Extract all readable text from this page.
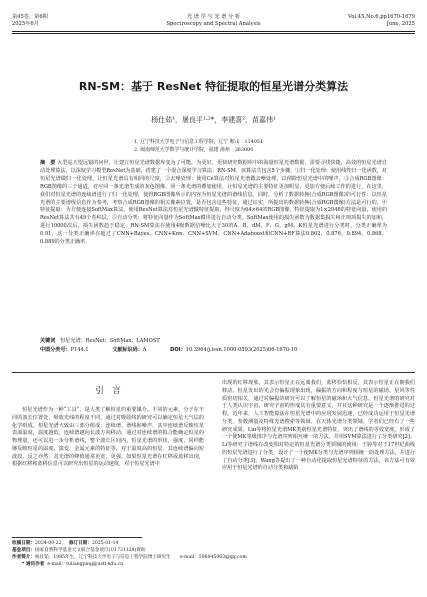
第45卷，第6期
2025年6月
光 谱 学 与 光 谱 分 析
Spectroscopy and Spectral Analysis
Vol.45,No.6,pp1670-1679
June, 2025
RN-SM：基于 ResNet 特征提取的恒星光谱分类算法
杨仕茹¹，屠良平¹·²*，李建喜²，苗嘉伟¹
1. 辽宁科技大学电子与信息工程学院，辽宁 鞍山　114051
2. 闽南师范大学数学与统计学院，福建 漳州　363000
摘　要 大型巡天望远镜的问世，让建立恒星光谱数据库变为了可能。为更好、更快研究数据库中的海量恒星光谱数据，需要寻找快捷、高效的恒星光谱自动处理算法，以深度学习模型ResNet为基础，搭建了一个混合深度学习算法：RN-SM，该算法共包含5个步骤，①归一化处理：使用线性归一化函数，对恒星光谱做归一化处理，让恒星光谱具有相同的尺度，②去噪处理：使用Ce算法对恒星光谱做去噪处理，以削除恒星光谱中的噪声，③合成RGB图像：RGB图像的三个通道，对应同一条光谱生成的灰色图像，同一条光谱的叠加使用，让恒星光谱的主要特征更加明显，更加方便后续工作的进行，在这里，我们对恒星光谱的连续谱进行了归一化处理，使得RGB图像所示的内容为恒星光谱的谱线信息，同时，分析了数据转换(合成RGB图像)的可行性：以恒星光谱的主要谱线信息作为参考，考察合成RGB图像的相关像素位置，是否包含这些特征，通过证实，所提出的数据转换(合成RGB图像)方法是可行的。④特征提取：为方便连接SoftMax算法，使用ResNet算法对恒星光谱做特征提取，得尺度为64×64的RGB图像，特征提取为1×2048的特征向量，使用的ResNet算法共有49个卷积层，⑤自动分类：将特征向量作为SoftMax模块进行自动分类。SoftMax使用的损失函数为数据集损失和正则项损失的加和，进行10000次后，损失函数趋于稳定，RN-SM算法在使用4级数据信噪比大于30的A、B、dM、F、G、gM、K恒星光谱进行分类时，分类正确率为0.91，这一分类正确率在超过了CNN+Bayes、CNN+Knn、CNN+SVM、CNN+Adaboost和CNN+RF算法0.862、0.876、0.894、0.868、0.889的分类正确率。
关键词 恒星光谱；ResNet；SoftMax；LAMOST
中图分类号：P144.1	文献标识码：A	DOI：10.3964/j.issn.1000-0593(2025)06-1670-10
引　言
恒星光谱作为一种“工具”，是人类了解恒星的重要媒介。不同的元素、分子在不同的波长位置处，吸收光线的程度不同，通过对吸收线的研究可以确定恒星大气层的化学组成。恒星光谱大致由三部分组成：连续谱、谱线和噪声，其中连续谱反映恒星表面温度，温度越低，连续谱越向长波方向移动，通过对连续谱的拟合能确定恒星的物理量，还可以进一步分析谱线，整个波长区间内，恒星光谱的形状，强度，同样能够反映恒星的温度、演变、金属元素的特征等，对于温度高的恒星，其连续谱偏向短波段，反之亦然，其光谱的峰值通常更宽，更强。如果恒星光谱在红移或蓝移出现，根据红移和蓝移信息可以研究出恒星的运动速度，对于恒星光谱中
出现的红移现象，其表示恒星正在远离我们，蓝移恰恰相反，其表示恒星正在朝我们移动。恒星发出的光会有偏振现象出现，偏振的方向和程度与恒星的磁场、星风等性质密切相关，通过对偏振的研究可以了解恒星的磁场和大气信息。恒星光谱的研究对于人类认识宇宙，研究宇宙的形成具有重要意义，并且这种研究是一个逐渐推进的过程。近年来，人工智能算法在恒星光谱中的应用发展迅速，已经成功运用于恒星光谱分类、参数测量及特殊光谱搜索等领域。在天体光谱分类领域，学者们已经有了一些研究成果。Liu等将恒星光谱MK类别恒星光谱特征，突出了谱线的等效宽度，形成了一个使MK等级排序与光谱序列相互统一的方法，并用SVM算法进行了分类研究[2]；Li等研究了谱线在改变相对特定的恒星光谱分类领域的使用；王婷等对于17世纪曲线的恒星光谱进行了分类，设计了一个使MK分类与光谱序列相统一的处理方法，并进行了自动分类[3]，Wang等提出了一种自动化提取恒星光谱特征的方法，该方法可有效应用于恒星光谱的自动分类和缺陷
收稿日期：2024-09-22， 修订日期：2025-01-14
基金项目：国家自然科学基金天文联合基金项目(U1731128)资助
作者简介：杨仕茹，1985年生，辽宁科技大学电子与信息工程学院博士研究生　　e-mail：598045063@qq.com
* 通讯作者 e-mail：tuliangping@ustl.edu.cn
